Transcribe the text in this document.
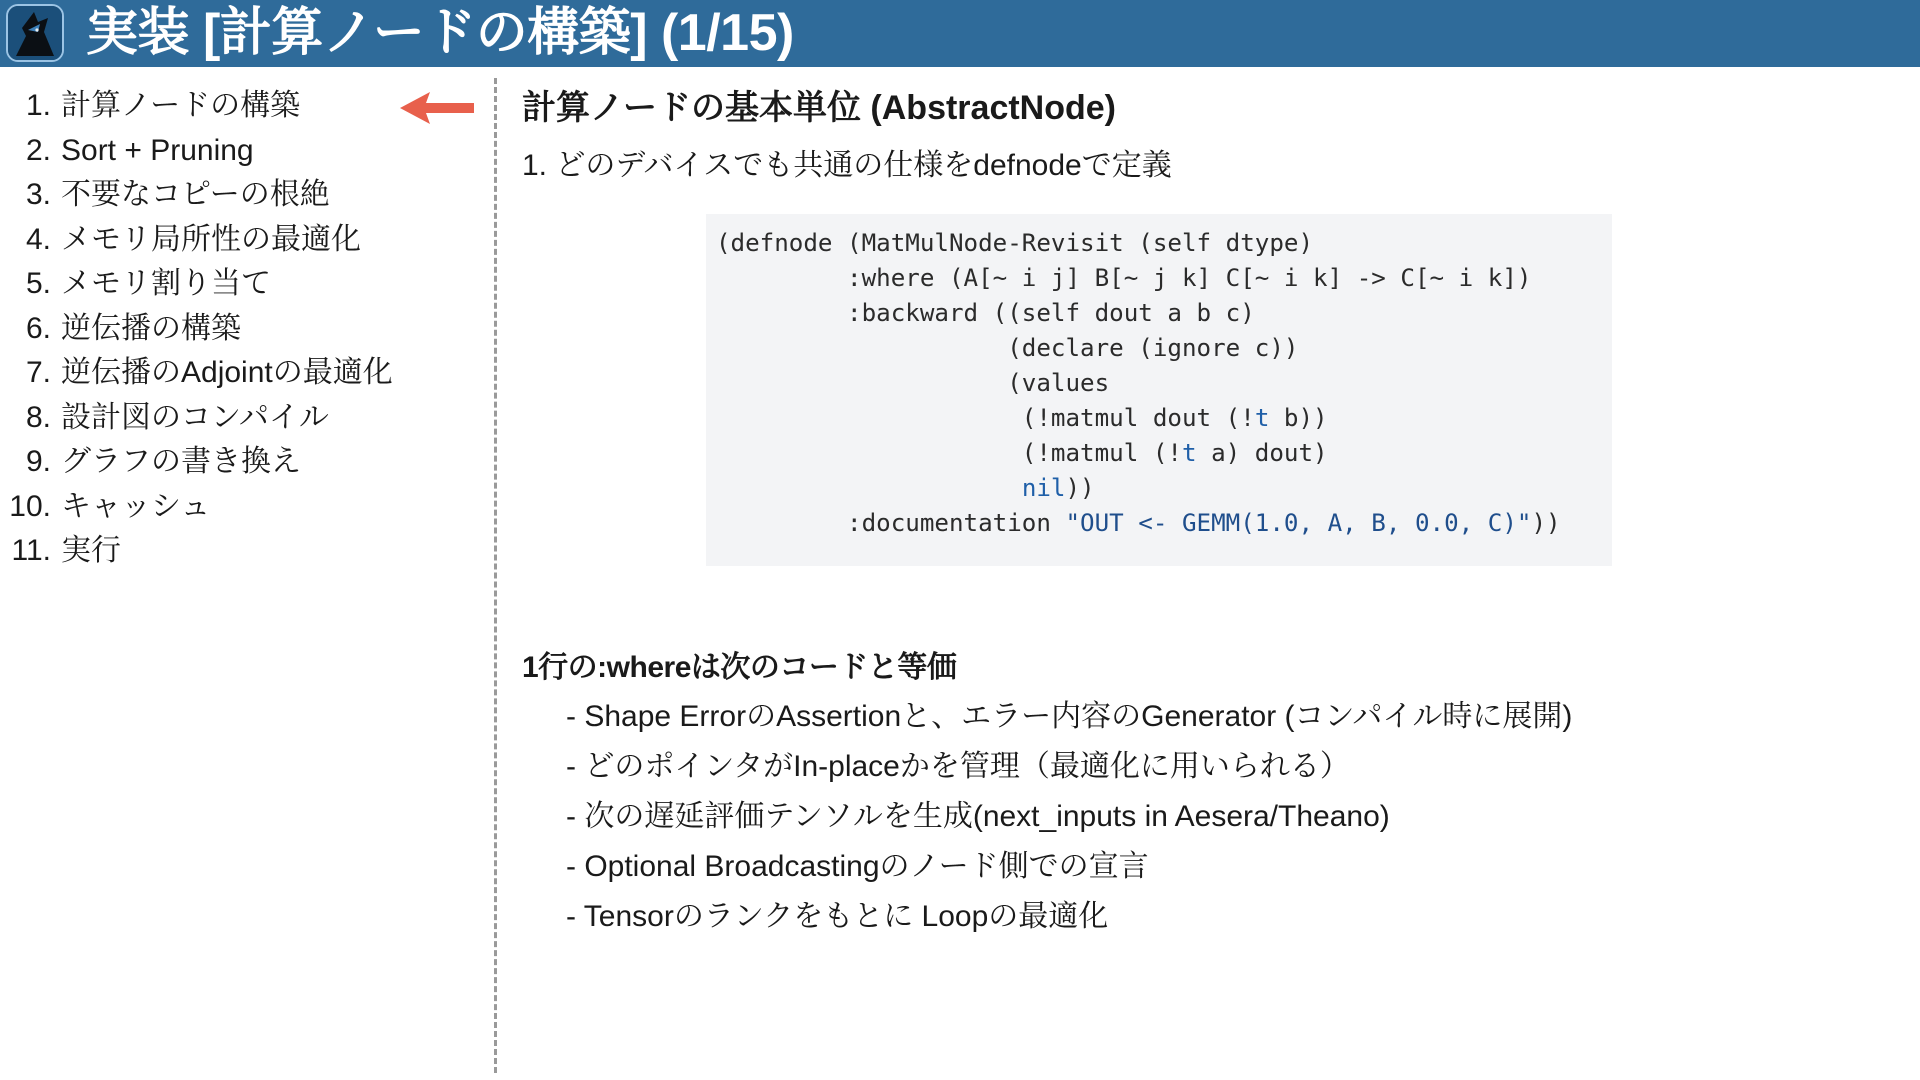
実装 [計算ノードの構築] (1/15)
1. 計算ノードの構築
2. Sort + Pruning
3. 不要なコピーの根絶
4. メモリ局所性の最適化
5. メモリ割り当て
6. 逆伝播の構築
7. 逆伝播のAdjointの最適化
8. 設計図のコンパイル
9. グラフの書き換え
10. キャッシュ
11. 実行
計算ノードの基本単位 (AbstractNode)
1. どのデバイスでも共通の仕様をdefnodeで定義
(defnode (MatMulNode-Revisit (self dtype)
:where (A[~ i j] B[~ j k] C[~ i k] -> C[~ i k])
:backward ((self dout a b c)
(declare (ignore c))
(values
(!matmul dout (!t b))
(!matmul (!t a) dout)
nil))
:documentation "OUT <- GEMM(1.0, A, B, 0.0, C)"))
1行の:whereは次のコードと等価
- Shape ErrorのAssertionと、エラー内容のGenerator (コンパイル時に展開)
- どのポインタがIn-placeかを管理（最適化に用いられる）
- 次の遅延評価テンソルを生成(next_inputs in Aesera/Theano)
- Optional Broadcastingのノード側での宣言
- Tensorのランクをもとに Loopの最適化
